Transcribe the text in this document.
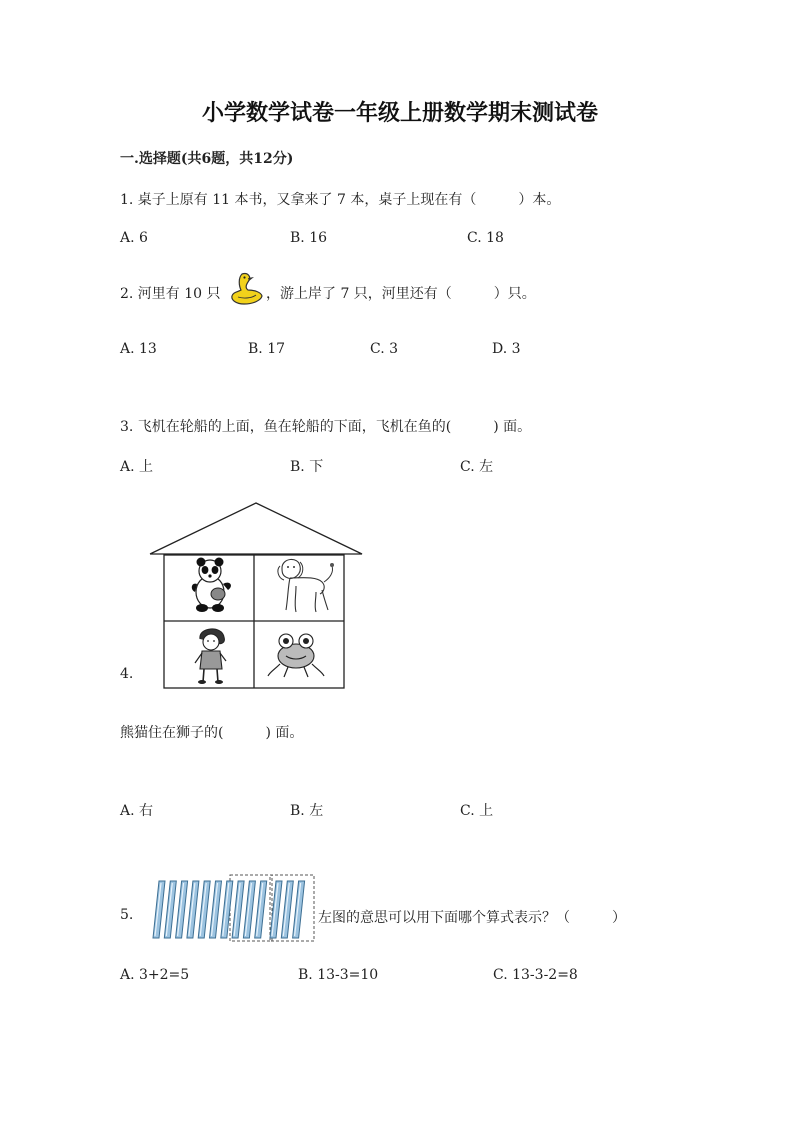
小学数学试卷一年级上册数学期末测试卷
一.选择题(共6题，共12分)
1. 桌子上原有 11 本书，又拿来了 7 本，桌子上现在有（　　　）本。
A. 6	B. 16	C. 18
2. 河里有 10 只	，游上岸了 7 只，河里还有（　　　）只。
A. 13	B. 17	C. 3	D. 3
3. 飞机在轮船的上面，鱼在轮船的下面，飞机在鱼的(　　　) 面。
A. 上	B. 下	C. 左
4.
熊猫住在狮子的(　　　) 面。
A. 右	B. 左	C. 上
5.	左图的意思可以用下面哪个算式表示？（　　　）
A. 3+2=5	B. 13-3=10	C. 13-3-2=8
